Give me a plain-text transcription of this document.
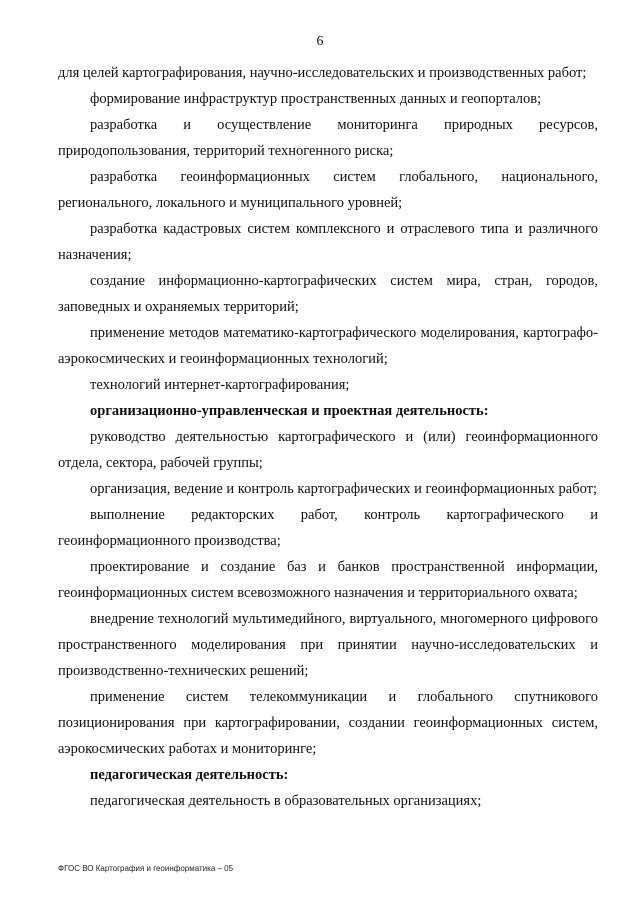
6

для целей картографирования, научно-исследовательских и производственных работ;

формирование инфраструктур пространственных данных и геопорталов;

разработка и осуществление мониторинга природных ресурсов, природопользования, территорий техногенного риска;

разработка геоинформационных систем глобального, национального, регионального, локального и муниципального уровней;

разработка кадастровых систем комплексного и отраслевого типа и различного назначения;

создание информационно-картографических систем мира, стран, городов, заповедных и охраняемых территорий;

применение методов математико-картографического моделирования, картографо-аэрокосмических и геоинформационных технологий;

технологий интернет-картографирования;

организационно-управленческая и проектная деятельность:

руководство деятельностью картографического и (или) геоинформационного отдела, сектора, рабочей группы;

организация, ведение и контроль картографических и геоинформационных работ;

выполнение редакторских работ, контроль картографического и геоинформационного производства;

проектирование и создание баз и банков пространственной информации, геоинформационных систем всевозможного назначения и территориального охвата;

внедрение технологий мультимедийного, виртуального, многомерного цифрового пространственного моделирования при принятии научно-исследовательских и производственно-технических решений;

применение систем телекоммуникации и глобального спутникового позиционирования при картографировании, создании геоинформационных систем, аэрокосмических работах и мониторинге;

педагогическая деятельность:

педагогическая деятельность в образовательных организациях;

ФГОС ВО Картография и геоинформатика – 05
